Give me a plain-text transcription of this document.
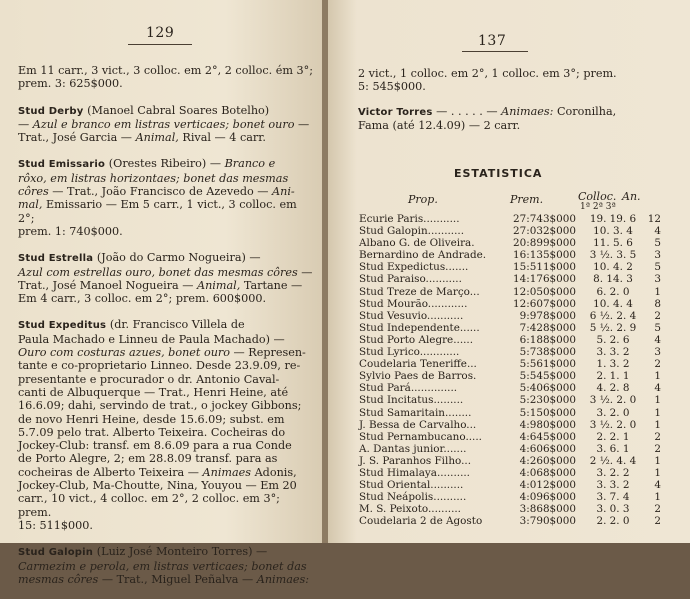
129

Em 11 carr., 3 vict., 3 colloc. em 2°, 2 colloc. ém 3°;

prem. 3: 625$000.

Stud Derby (Manoel Cabral Soares Botelho)

— Azul e branco em listras verticaes; bonet ouro —

Trat., José Garcia — Animal, Rival — 4 carr.

Stud Emissario (Orestes Ribeiro) — Branco e

rôxo, em listras horizontaes; bonet das mesmas

côres — Trat., João Francisco de Azevedo — Ani-

mal, Emissario — Em 5 carr., 1 vict., 3 colloc. em 2°;

prem. 1: 740$000.

Stud Estrella (João do Carmo Nogueira) —

Azul com estrellas ouro, bonet das mesmas côres —

Trat., José Manoel Nogueira — Animal, Tartane —

Em 4 carr., 3 colloc. em 2°; prem. 600$000.

Stud Expeditus (dr. Francisco Villela de

Paula Machado e Linneu de Paula Machado) —

Ouro com costuras azues, bonet ouro — Represen-

tante e co-proprietario Linneo. Desde 23.9.09, re-

presentante e procurador o dr. Antonio Caval-

canti de Albuquerque — Trat., Henri Heine, até

16.6.09; dahi, servindo de trat., o jockey Gibbons;

de novo Henri Heine, desde 15.6.09; subst. em

5.7.09 pelo trat. Alberto Teixeira. Cocheiras do

Jockey-Club: transf. em 8.6.09 para a rua Conde

de Porto Alegre, 2; em 28.8.09 transf. para as

cocheiras de Alberto Teixeira — Animaes Adonis,

Jockey-Club, Ma-Choutte, Nina, Youyou — Em 20

carr., 10 vict., 4 colloc. em 2°, 2 colloc. em 3°; prem.

15: 511$000.

Stud Galopin (Luiz José Monteiro Torres) —

Carmezim e perola, em listras verticaes; bonet das

mesmas côres — Trat., Miguel Peñalva — Animaes:

137

2 vict., 1 colloc. em 2°, 1 colloc. em 3°; prem.

5: 545$000.

Victor Torres — . . . . . — Animaes: Coronilha,

Fama (até 12.4.09) — 2 carr.

ESTATISTICA
Prop.	Prem.	Colloc. An.
1ª 2ª 3ª
Ecurie Paris...........	27:743$000	19. 19. 6	12
Stud Galopin...........	27:032$000	10. 3. 4	4
Albano G. de Oliveira.	20:899$000	11. 5. 6	5
Bernardino de Andrade.	16:135$000	3 ½. 3. 5	3
Stud Expedictus.......	15:511$000	10. 4. 2	5
Stud Paraiso...........	14:176$000	8. 14. 3	3
Stud Treze de Março...	12:050$000	6. 2. 0	1
Stud Mourão............	12:607$000	10. 4. 4	8
Stud Vesuvio...........	9:978$000	6 ½. 2. 4	2
Stud Independente......	7:428$000	5 ½. 2. 9	5
Stud Porto Alegre......	6:188$000	5. 2. 6	4
Stud Lyrico............	5:738$000	3. 3. 2	3
Coudelaria Teneriffe...	5:561$000	1. 3. 2	2
Sylvio Paes de Barros.	5:545$000	2. 1. 1	1
Stud Pará..............	5:406$000	4. 2. 8	4
Stud Incitatus.........	5:230$000	3 ½. 2. 0	1
Stud Samaritain........	5:150$000	3. 2. 0	1
J. Bessa de Carvalho...	4:980$000	3 ½. 2. 0	1
Stud Pernambucano.....	4:645$000	2. 2. 1	2
A. Dantas junior.......	4:606$000	3. 6. 1	2
J. S. Paranhos Filho...	4:260$000	2 ½. 4. 4	1
Stud Himalaya..........	4:068$000	3. 2. 2	1
Stud Oriental..........	4:012$000	3. 3. 2	4
Stud Neápolis..........	4:096$000	3. 7. 4	1
M. S. Peixoto..........	3:868$000	3. 0. 3	2
Coudelaria 2 de Agosto	3:790$000	2. 2. 0	2
